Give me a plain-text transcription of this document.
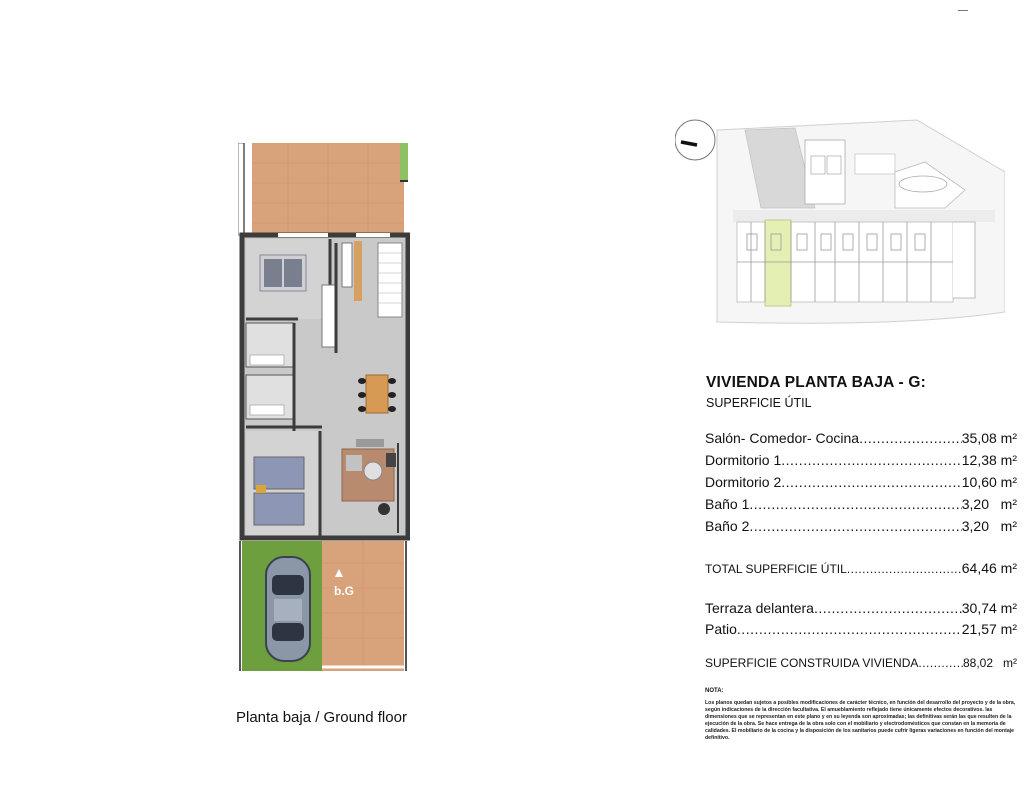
b.G
Planta baja / Ground floor
VIVIENDA PLANTA BAJA - G:
SUPERFICIE ÚTIL
Salón- Comedor- Cocina .....	35,08 m²
Dormitorio 1 .....	12,38 m²
Dormitorio 2 .....	10,60 m²
Baño 1 .....	3,20   m²
Baño 2 .....	3,20   m²
TOTAL SUPERFICIE ÚTIL .....	64,46 m²
Terraza delantera .....	30,74 m²
Patio .....	21,57 m²
SUPERFICIE CONSTRUIDA VIVIENDA .....	88,02   m²
NOTA:
Los planos quedan sujetos a posibles modificaciones de carácter técnico, en función del desarrollo del proyecto y de la obra, según indicaciones de la dirección facultativa. El amueblamiento reflejado tiene únicamente efectos decorativos. las dimensiones que se representan en este plano y en su leyenda son aproximadas; las definitivas serán las que resulten de la ejecución de la obra. Se hace entrega de la obra solo con el mobiliario y electrodomésticos que constan en la memoria de calidades. El mobiliario de la cocina y la disposición de los sanitarios puede cufrir ligeras variaciones en función del montaje definitivo.
